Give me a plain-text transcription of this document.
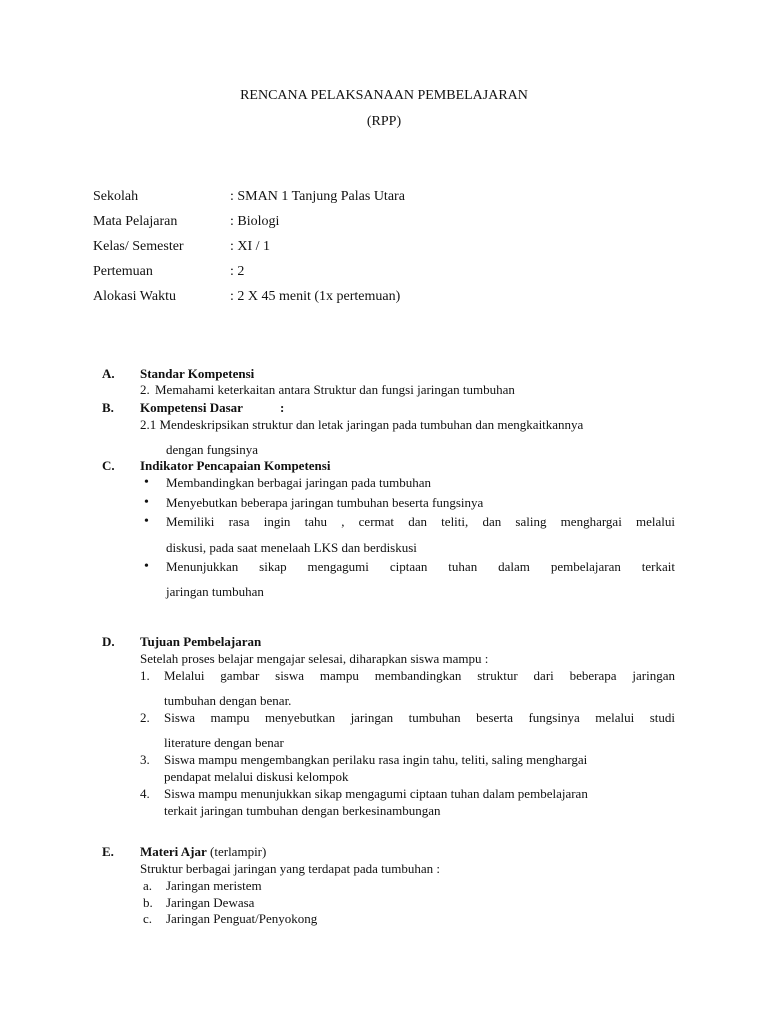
RENCANA PELAKSANAAN PEMBELAJARAN
(RPP)
Sekolah	: SMAN 1 Tanjung Palas Utara
Mata Pelajaran	: Biologi
Kelas/ Semester	: XI / 1
Pertemuan	: 2
Alokasi Waktu	: 2 X 45 menit (1x pertemuan)
A. Standar Kompetensi
2. Memahami keterkaitan antara Struktur dan fungsi jaringan tumbuhan
B. Kompetensi Dasar	:
2.1 Mendeskripsikan struktur dan letak jaringan pada tumbuhan dan mengkaitkannya
dengan fungsinya
C. Indikator Pencapaian Kompetensi
• Membandingkan berbagai jaringan pada tumbuhan
• Menyebutkan beberapa jaringan tumbuhan beserta fungsinya
• Memiliki rasa ingin tahu , cermat dan teliti, dan saling menghargai melalui
diskusi, pada saat menelaah LKS dan berdiskusi
• Menunjukkan sikap mengagumi ciptaan tuhan dalam pembelajaran terkait
jaringan tumbuhan
D. Tujuan Pembelajaran
Setelah proses belajar mengajar selesai, diharapkan siswa mampu :
1. Melalui gambar siswa mampu membandingkan struktur dari beberapa jaringan
tumbuhan dengan benar.
2. Siswa mampu menyebutkan jaringan tumbuhan beserta fungsinya melalui studi
literature dengan benar
3. Siswa mampu mengembangkan perilaku rasa ingin tahu, teliti, saling menghargai
pendapat melalui diskusi kelompok
4. Siswa mampu menunjukkan sikap mengagumi ciptaan tuhan dalam pembelajaran
terkait jaringan tumbuhan dengan berkesinambungan
E. Materi Ajar (terlampir)
Struktur berbagai jaringan yang terdapat pada tumbuhan :
a. Jaringan meristem
b. Jaringan Dewasa
c. Jaringan Penguat/Penyokong
